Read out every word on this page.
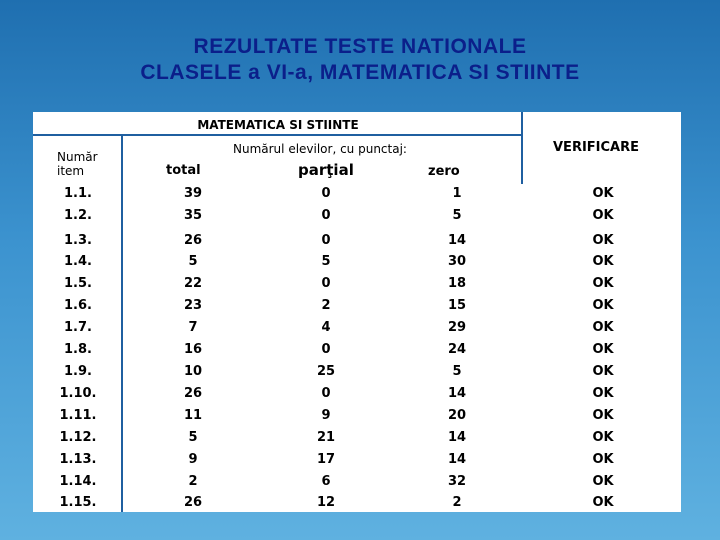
REZULTATE TESTE NATIONALE
CLASELE a VI-a, MATEMATICA SI STIINTE
MATEMATICA SI STIINTE
Număr
item
Numărul elevilor, cu punctaj:
total	parţial	zero
VERIFICARE
1.1.	39	0	1	OK
1.2.	35	0	5	OK
1.3.	26	0	14	OK
1.4.	5	5	30	OK
1.5.	22	0	18	OK
1.6.	23	2	15	OK
1.7.	7	4	29	OK
1.8.	16	0	24	OK
1.9.	10	25	5	OK
1.10.	26	0	14	OK
1.11.	11	9	20	OK
1.12.	5	21	14	OK
1.13.	9	17	14	OK
1.14.	2	6	32	OK
1.15.	26	12	2	OK
